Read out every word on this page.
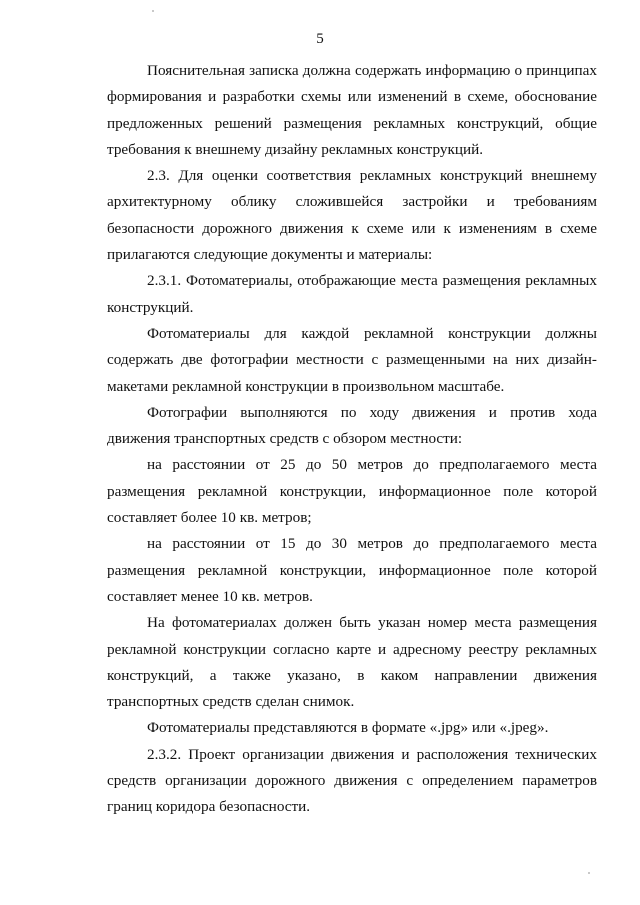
5

Пояснительная записка должна содержать информацию о принципах формирования и разработки схемы или изменений в схеме, обоснование предложенных решений размещения рекламных конструкций, общие требования к внешнему дизайну рекламных конструкций.

2.3. Для оценки соответствия рекламных конструкций внешнему архитектурному облику сложившейся застройки и требованиям безопасности дорожного движения к схеме или к изменениям в схеме прилагаются следующие документы и материалы:

2.3.1. Фотоматериалы, отображающие места размещения рекламных конструкций.

Фотоматериалы для каждой рекламной конструкции должны содержать две фотографии местности с размещенными на них дизайн-макетами рекламной конструкции в произвольном масштабе.

Фотографии выполняются по ходу движения и против хода движения транспортных средств с обзором местности:

на расстоянии от 25 до 50 метров до предполагаемого места размещения рекламной конструкции, информационное поле которой составляет более 10 кв. метров;

на расстоянии от 15 до 30 метров до предполагаемого места размещения рекламной конструкции, информационное поле которой составляет менее 10 кв. метров.

На фотоматериалах должен быть указан номер места размещения рекламной конструкции согласно карте и адресному реестру рекламных конструкций, а также указано, в каком направлении движения транспортных средств сделан снимок.

Фотоматериалы представляются в формате «.jpg» или «.jpeg».

2.3.2. Проект организации движения и расположения технических средств организации дорожного движения с определением параметров границ коридора безопасности.
